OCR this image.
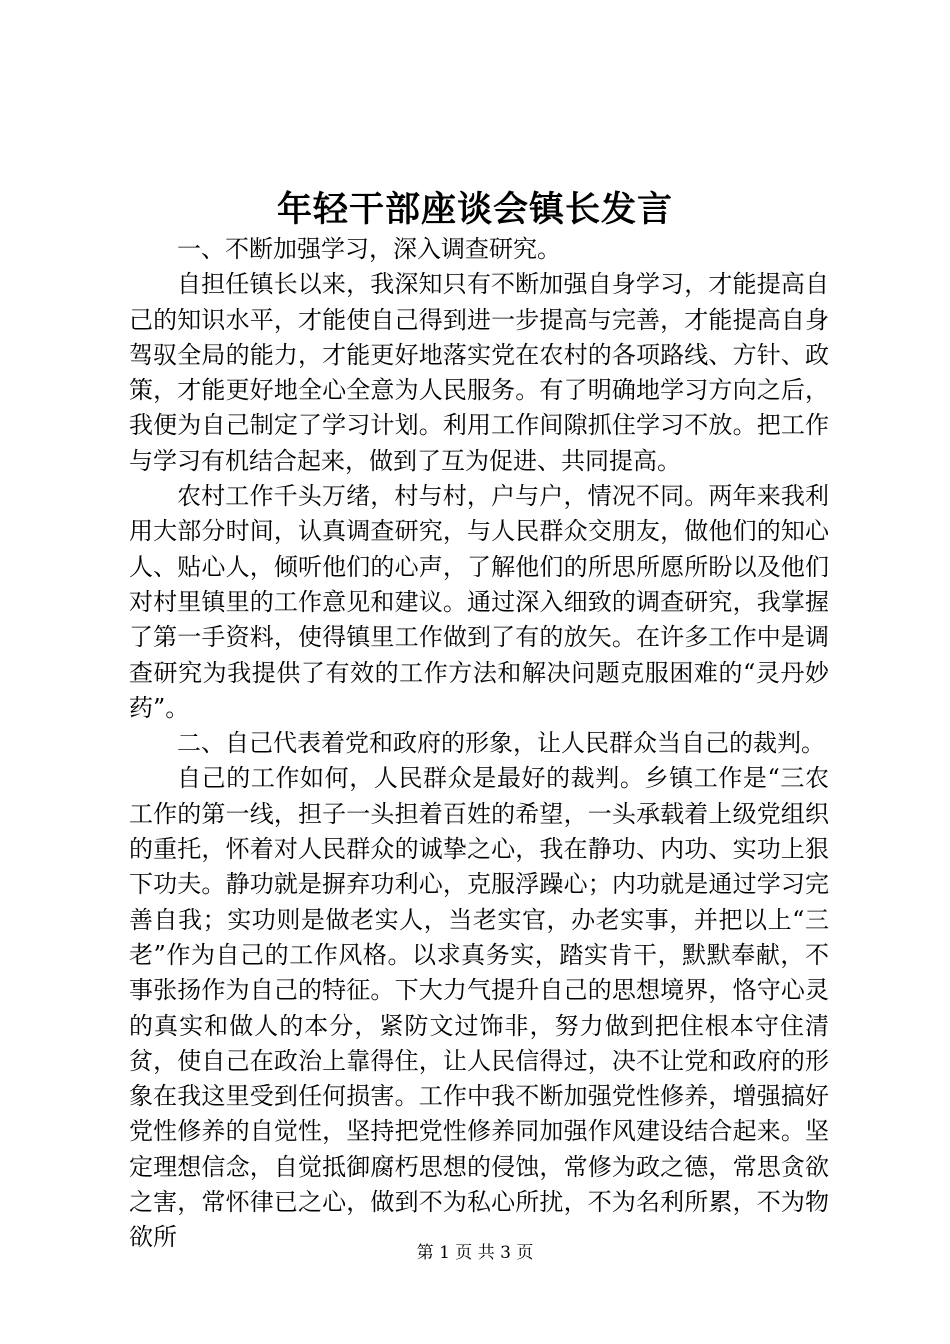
年轻干部座谈会镇长发言

一、不断加强学习，深入调查研究。

自担任镇长以来，我深知只有不断加强自身学习，才能提高自己的知识水平，才能使自己得到进一步提高与完善，才能提高自身驾驭全局的能力，才能更好地落实党在农村的各项路线、方针、政策，才能更好地全心全意为人民服务。有了明确地学习方向之后，我便为自己制定了学习计划。利用工作间隙抓住学习不放。把工作与学习有机结合起来，做到了互为促进、共同提高。

农村工作千头万绪，村与村，户与户，情况不同。两年来我利用大部分时间，认真调查研究，与人民群众交朋友，做他们的知心人、贴心人，倾听他们的心声，了解他们的所思所愿所盼以及他们对村里镇里的工作意见和建议。通过深入细致的调查研究，我掌握了第一手资料，使得镇里工作做到了有的放矢。在许多工作中是调查研究为我提供了有效的工作方法和解决问题克服困难的“灵丹妙药”。

二、自己代表着党和政府的形象，让人民群众当自己的裁判。

自己的工作如何，人民群众是最好的裁判。乡镇工作是“三农工作的第一线，担子一头担着百姓的希望，一头承载着上级党组织的重托，怀着对人民群众的诚挚之心，我在静功、内功、实功上狠下功夫。静功就是摒弃功利心，克服浮躁心；内功就是通过学习完善自我；实功则是做老实人，当老实官，办老实事，并把以上“三老”作为自己的工作风格。以求真务实，踏实肯干，默默奉献，不事张扬作为自己的特征。下大力气提升自己的思想境界，恪守心灵的真实和做人的本分，紧防文过饰非，努力做到把住根本守住清贫，使自己在政治上靠得住，让人民信得过，决不让党和政府的形象在我这里受到任何损害。工作中我不断加强党性修养，增强搞好党性修养的自觉性，坚持把党性修养同加强作风建设结合起来。坚定理想信念，自觉抵御腐朽思想的侵蚀，常修为政之德，常思贪欲之害，常怀律已之心，做到不为私心所扰，不为名利所累，不为物欲所

第 1 页 共 3 页
